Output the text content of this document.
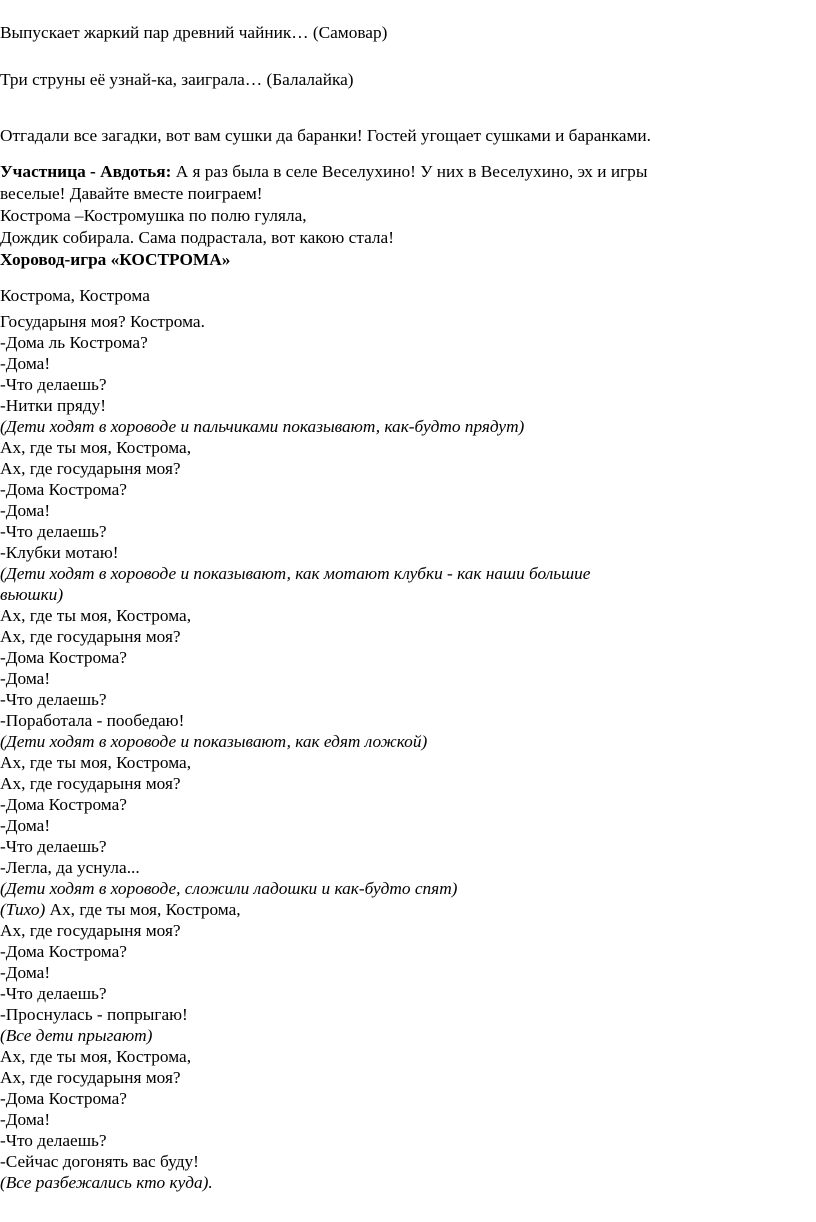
Выпускает жаркий пар древний чайник… (Самовар)

Три струны её узнай-ка, заиграла… (Балалайка)

Отгадали все загадки, вот вам сушки да баранки! Гостей угощает сушками и баранками.

Участница - Авдотья: А я раз была в селе Веселухино! У них в Веселухино, эх и игры

веселые! Давайте вместе поиграем!

Кострома –Костромушка по полю гуляла,

Дождик собирала. Сама подрастала, вот какою стала!

Хоровод-игра «КОСТРОМА»

Кострома, Кострома

Государыня моя? Кострома.

-Дома ль Кострома?

-Дома!

-Что делаешь?

-Нитки пряду!

(Дети ходят в хороводе и пальчиками показывают, как-будто прядут)

Ах, где ты моя, Кострома,

Ах, где государыня моя?

-Дома Кострома?

-Дома!

-Что делаешь?

-Клубки мотаю!

(Дети ходят в хороводе и показывают, как мотают клубки - как наши большие

вьюшки)

Ах, где ты моя, Кострома,

Ах, где государыня моя?

-Дома Кострома?

-Дома!

-Что делаешь?

-Поработала - пообедаю!

(Дети ходят в хороводе и показывают, как едят ложкой)

Ах, где ты моя, Кострома,

Ах, где государыня моя?

-Дома Кострома?

-Дома!

-Что делаешь?

-Легла, да уснула...

(Дети ходят в хороводе, сложили ладошки и как-будто спят)

(Тихо) Ах, где ты моя, Кострома,

Ах, где государыня моя?

-Дома Кострома?

-Дома!

-Что делаешь?

-Проснулась - попрыгаю!

(Все дети прыгают)

Ах, где ты моя, Кострома,

Ах, где государыня моя?

-Дома Кострома?

-Дома!

-Что делаешь?

-Сейчас догонять вас буду!

(Все разбежались кто куда).
